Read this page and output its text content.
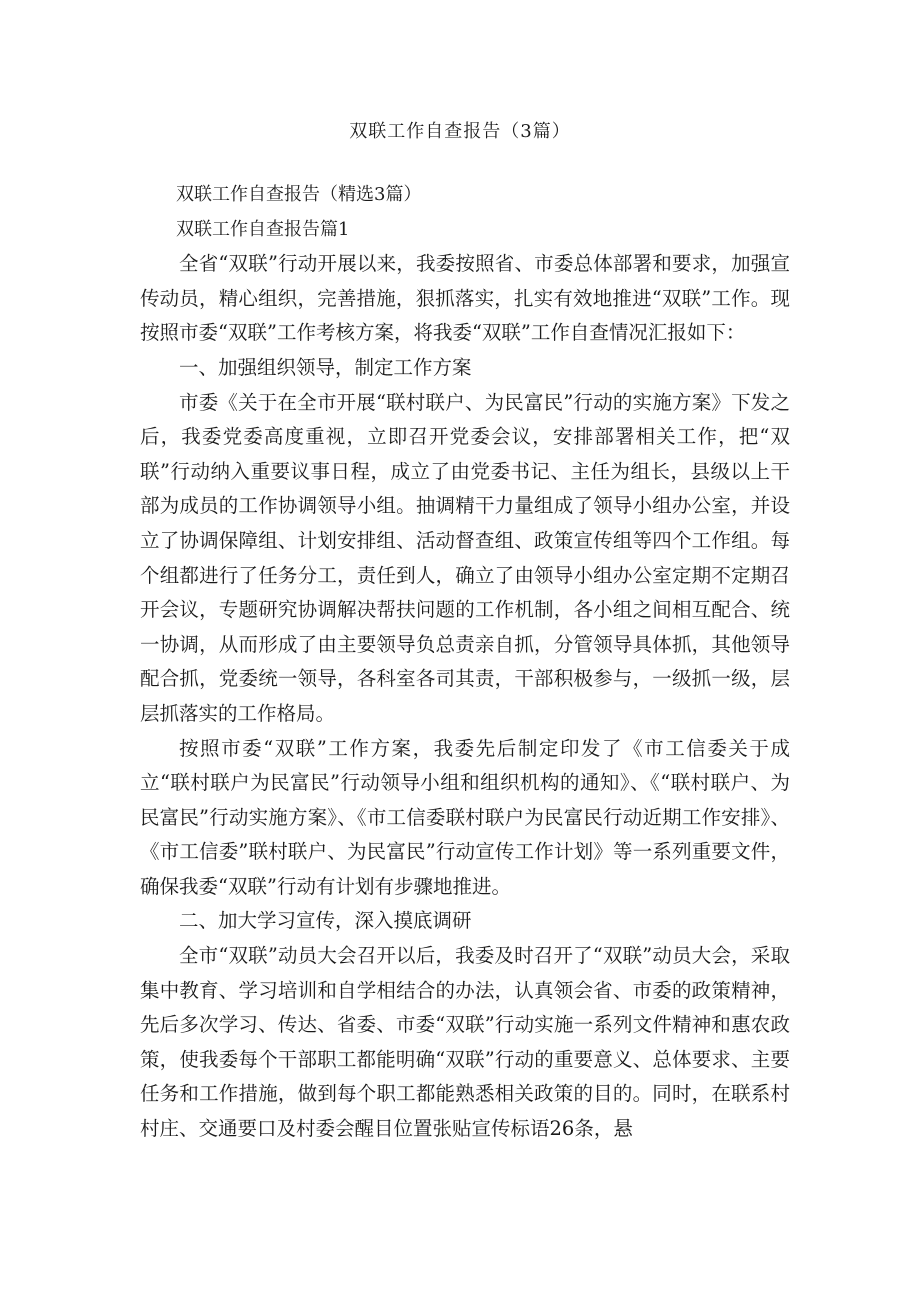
双联工作自查报告（3篇）

双联工作自查报告（精选3篇）

双联工作自查报告篇1

全省“双联”行动开展以来，我委按照省、市委总体部署和要求，加强宣传动员，精心组织，完善措施，狠抓落实，扎实有效地推进“双联”工作。现按照市委“双联”工作考核方案，将我委“双联”工作自查情况汇报如下：

一、加强组织领导，制定工作方案

市委《关于在全市开展“联村联户、为民富民”行动的实施方案》下发之后，我委党委高度重视，立即召开党委会议，安排部署相关工作，把“双联”行动纳入重要议事日程，成立了由党委书记、主任为组长，县级以上干部为成员的工作协调领导小组。抽调精干力量组成了领导小组办公室，并设立了协调保障组、计划安排组、活动督查组、政策宣传组等四个工作组。每个组都进行了任务分工，责任到人，确立了由领导小组办公室定期不定期召开会议，专题研究协调解决帮扶问题的工作机制，各小组之间相互配合、统一协调，从而形成了由主要领导负总责亲自抓，分管领导具体抓，其他领导配合抓，党委统一领导，各科室各司其责，干部积极参与，一级抓一级，层层抓落实的工作格局。

按照市委“双联”工作方案，我委先后制定印发了《市工信委关于成立“联村联户为民富民”行动领导小组和组织机构的通知》、《“联村联户、为民富民”行动实施方案》、《市工信委联村联户为民富民行动近期工作安排》、《市工信委”联村联户、为民富民”行动宣传工作计划》等一系列重要文件，确保我委“双联”行动有计划有步骤地推进。

二、加大学习宣传，深入摸底调研

全市“双联”动员大会召开以后，我委及时召开了“双联”动员大会，采取集中教育、学习培训和自学相结合的办法，认真领会省、市委的政策精神，先后多次学习、传达、省委、市委“双联”行动实施一系列文件精神和惠农政策，使我委每个干部职工都能明确“双联”行动的重要意义、总体要求、主要任务和工作措施，做到每个职工都能熟悉相关政策的目的。同时，在联系村村庄、交通要口及村委会醒目位置张贴宣传标语26条，悬
